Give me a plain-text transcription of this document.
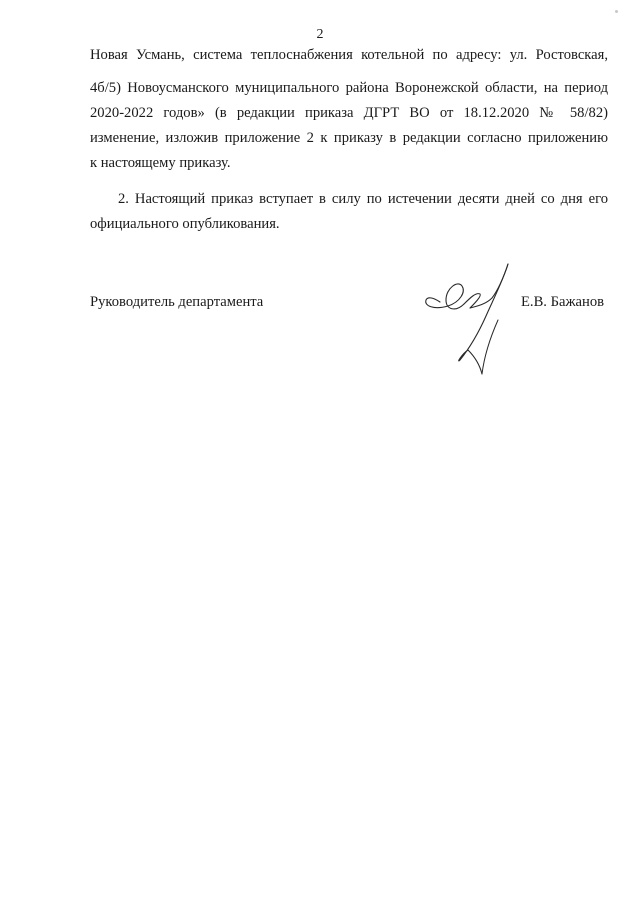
2
Новая Усмань, система теплоснабжения котельной по адресу: ул. Ростовская,
4б/5) Новоусманского муниципального района Воронежской области, на период
2020-2022 годов» (в редакции приказа ДГРТ ВО от 18.12.2020 № 58/82)
изменение, изложив приложение 2 к приказу в редакции согласно приложению
к настоящему приказу.
2. Настоящий приказ вступает в силу по истечении десяти дней со дня его
официального опубликования.
Руководитель департамента	Е.В. Бажанов
